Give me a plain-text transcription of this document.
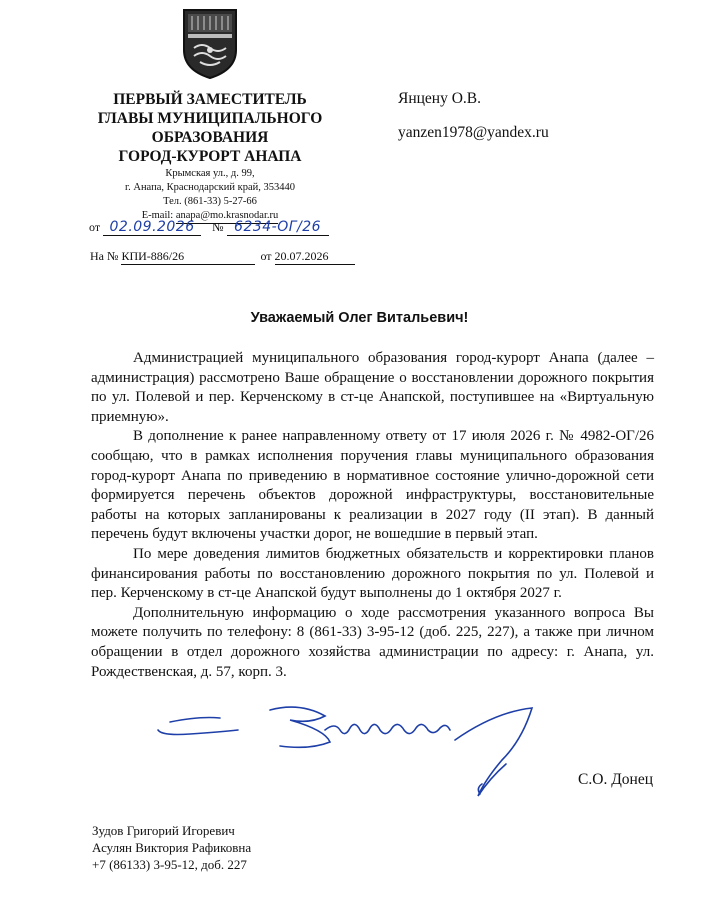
ПЕРВЫЙ ЗАМЕСТИТЕЛЬ
ГЛАВЫ МУНИЦИПАЛЬНОГО
ОБРАЗОВАНИЯ
ГОРОД-КУРОРТ АНАПА
Крымская ул., д. 99,
г. Анапа, Краснодарский край, 353440
Тел. (861-33) 5-27-66
E-mail: anapa@mo.krasnodar.ru
от 02.09.2026 № 6234-ОГ/26
На № КПИ-886/26	от 20.07.2026
Янцену О.В.
yanzen1978@yandex.ru
Уважаемый Олег Витальевич!

Администрацией муниципального образования город-курорт Анапа (далее – администрация) рассмотрено Ваше обращение о восстановлении дорожного покрытия по ул. Полевой и пер. Керченскому в ст-це Анапской, поступившее на «Виртуальную приемную».

В дополнение к ранее направленному ответу от 17 июля 2026 г. № 4982-ОГ/26 сообщаю, что в рамках исполнения поручения главы муниципального образования город-курорт Анапа по приведению в нормативное состояние улично-дорожной сети формируется перечень объектов дорожной инфраструктуры, восстановительные работы на которых запланированы к реализации в 2027 году (II этап). В данный перечень будут включены участки дорог, не вошедшие в первый этап.

По мере доведения лимитов бюджетных обязательств и корректировки планов финансирования работы по восстановлению дорожного покрытия по ул. Полевой и пер. Керченскому в ст-це Анапской будут выполнены до 1 октября 2027 г.

Дополнительную информацию о ходе рассмотрения указанного вопроса Вы можете получить по телефону: 8 (861-33) 3-95-12 (доб. 225, 227), а также при личном обращении в отдел дорожного хозяйства администрации по адресу: г. Анапа, ул. Рождественская, д. 57, корп. 3.

С.О. Донец
Зудов Григорий Игоревич
Асулян Виктория Рафиковна
+7 (86133) 3-95-12, доб. 227
